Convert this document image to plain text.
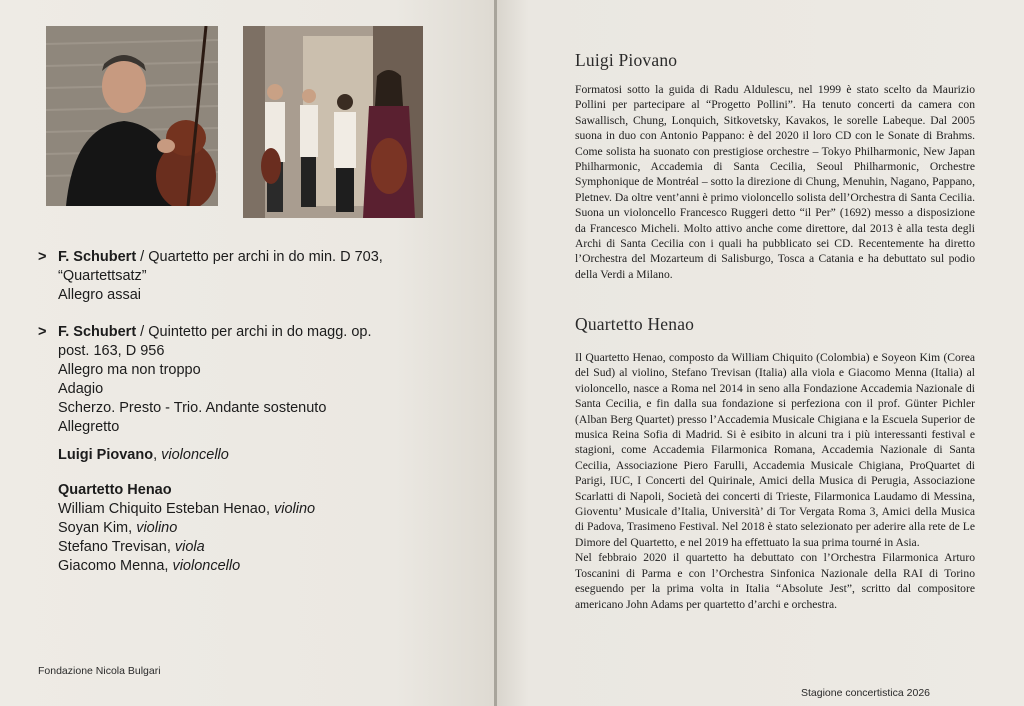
> F. Schubert / Quartetto per archi in do min. D 703,
“Quartettsatz”
Allegro assai
> F. Schubert / Quintetto per archi in do magg. op.
post. 163, D 956
Allegro ma non troppo
Adagio
Scherzo. Presto - Trio. Andante sostenuto
Allegretto
Luigi Piovano, violoncello
Quartetto Henao
William Chiquito Esteban Henao, violino
Soyan Kim, violino
Stefano Trevisan, viola
Giacomo Menna, violoncello
Fondazione Nicola Bulgari
Luigi Piovano

Formatosi sotto la guida di Radu Aldulescu, nel 1999 è stato scelto da Maurizio Pollini per partecipare al “Progetto Pollini”. Ha tenuto concerti da camera con Sawallisch, Chung, Lonquich, Sitkovetsky, Kavakos, le sorelle Labeque. Dal 2005 suona in duo con Antonio Pappano: è del 2020 il loro CD con le Sonate di Brahms. Come solista ha suonato con prestigiose orchestre – Tokyo Philharmonic, New Japan Philharmonic, Accademia di Santa Cecilia, Seoul Philharmonic, Orchestre Symphonique de Montréal – sotto la direzione di Chung, Menuhin, Nagano, Pappano, Pletnev. Da oltre vent’anni è primo violoncello solista dell’Orchestra di Santa Cecilia. Suona un violoncello Francesco Ruggeri detto “il Per” (1692) messo a disposizione da Francesco Micheli. Molto attivo anche come direttore, dal 2013 è alla testa degli Archi di Santa Cecilia con i quali ha pubblicato sei CD. Recentemente ha diretto l’Orchestra del Mozarteum di Salisburgo, Tosca a Catania e ha debuttato sul podio della Verdi a Milano.

Quartetto Henao

Il Quartetto Henao, composto da William Chiquito (Colombia) e Soyeon Kim (Corea del Sud) al violino, Stefano Trevisan (Italia) alla viola e Giacomo Menna (Italia) al violoncello, nasce a Roma nel 2014 in seno alla Fondazione Accademia Nazionale di Santa Cecilia, e fin dalla sua fondazione si perfeziona con il prof. Günter Pichler (Alban Berg Quartet) presso l’Accademia Musicale Chigiana e la Escuela Superior de musica Reina Sofia di Madrid. Si è esibito in alcuni tra i più interessanti festival e stagioni, come Accademia Filarmonica Romana, Accademia Nazionale di Santa Cecilia, Associazione Piero Farulli, Accademia Musicale Chigiana, ProQuartet di Parigi, IUC, I Concerti del Quirinale, Amici della Musica di Perugia, Associazione Scarlatti di Napoli, Società dei concerti di Trieste, Filarmonica Laudamo di Messina, Gioventu’ Musicale d’Italia, Università’ di Tor Vergata Roma 3, Amici della Musica di Padova, Trasimeno Festival. Nel 2018 è stato selezionato per aderire alla rete de Le Dimore del Quartetto, e nel 2019 ha effettuato la sua prima tourné in Asia.

Nel febbraio 2020 il quartetto ha debuttato con l’Orchestra Filarmonica Arturo Toscanini di Parma e con l’Orchestra Sinfonica Nazionale della RAI di Torino eseguendo per la prima volta in Italia “Absolute Jest”, scritto dal compositore americano John Adams per quartetto d’archi e orchestra.

Stagione concertistica 2026
